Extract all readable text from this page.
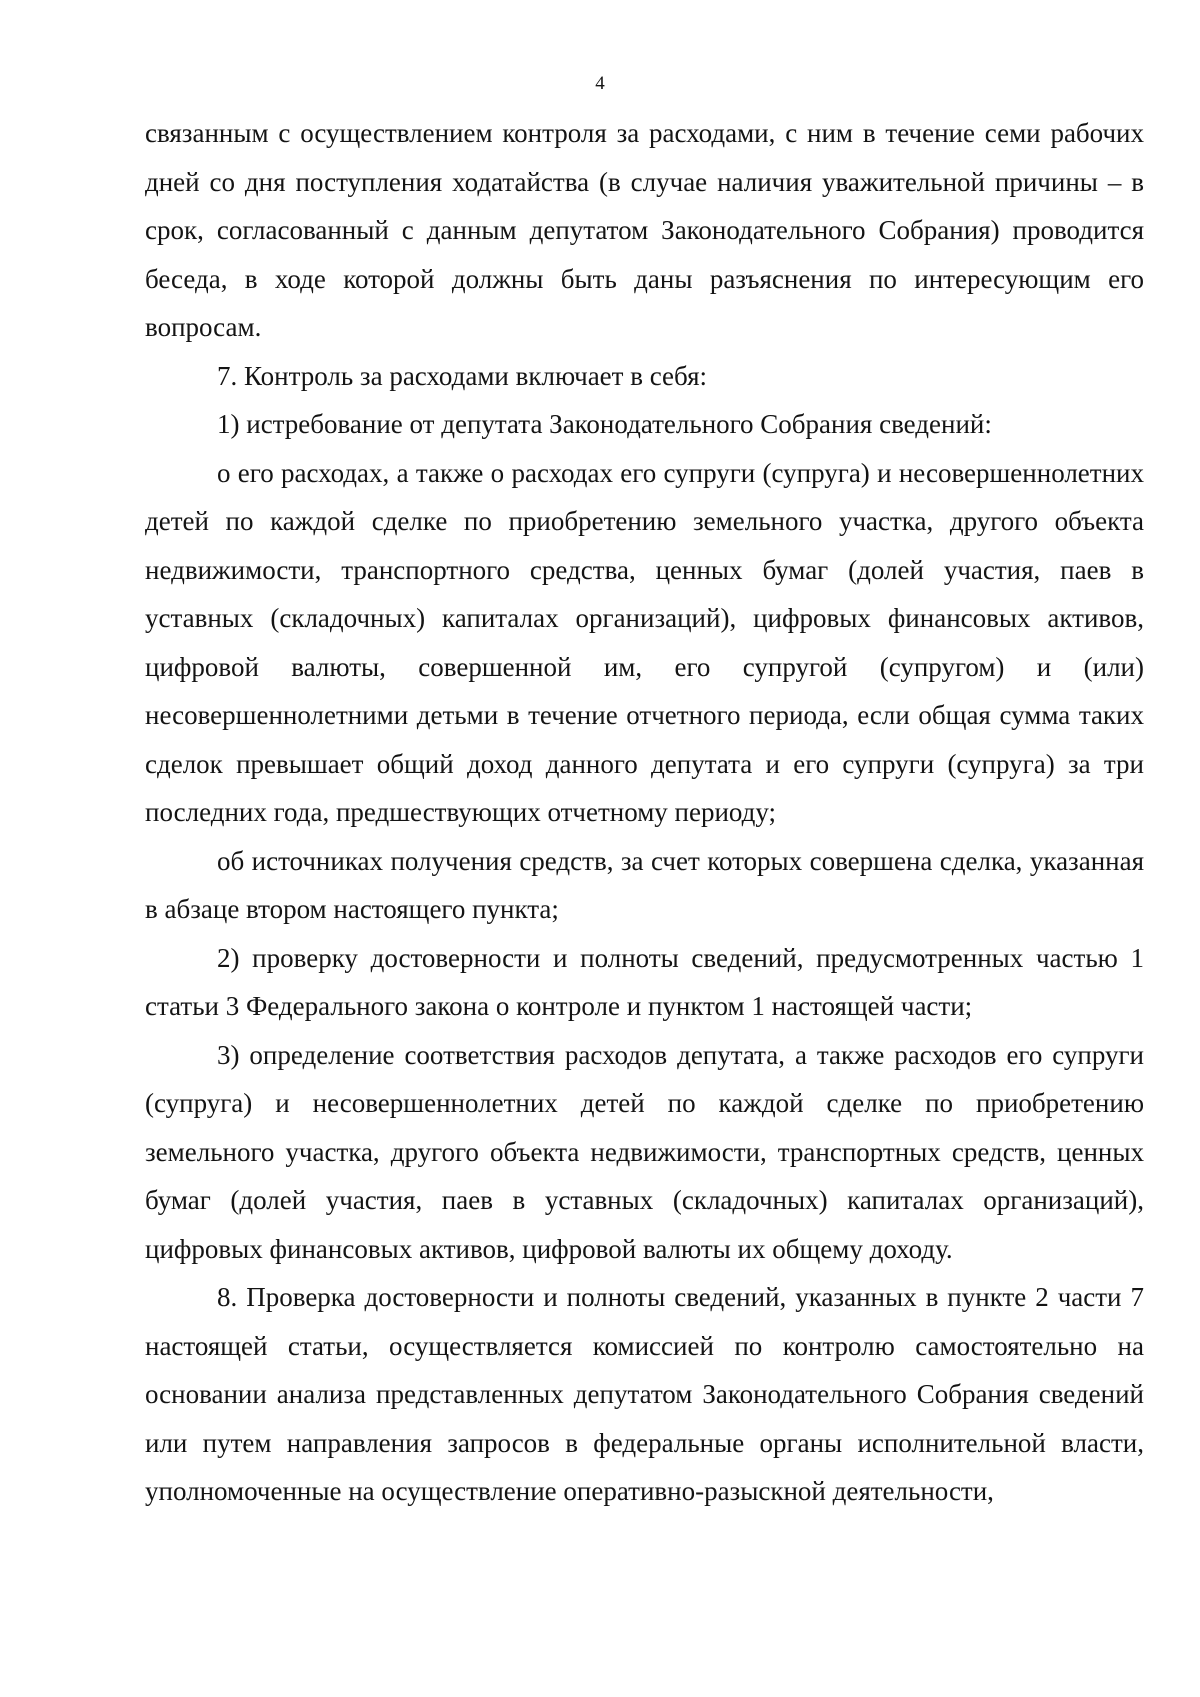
4

связанным с осуществлением контроля за расходами, с ним в течение семи рабочих дней со дня поступления ходатайства (в случае наличия уважительной причины – в срок, согласованный с данным депутатом Законодательного Собрания) проводится беседа, в ходе которой должны быть даны разъяснения по интересующим его вопросам.

7. Контроль за расходами включает в себя:

1) истребование от депутата Законодательного Собрания сведений:

о его расходах, а также о расходах его супруги (супруга) и несовершеннолетних детей по каждой сделке по приобретению земельного участка, другого объекта недвижимости, транспортного средства, ценных бумаг (долей участия, паев в уставных (складочных) капиталах организаций), цифровых финансовых активов, цифровой валюты, совершенной им, его супругой (супругом) и (или) несовершеннолетними детьми в течение отчетного периода, если общая сумма таких сделок превышает общий доход данного депутата и его супруги (супруга) за три последних года, предшествующих отчетному периоду;

об источниках получения средств, за счет которых совершена сделка, указанная в абзаце втором настоящего пункта;

2) проверку достоверности и полноты сведений, предусмотренных частью 1 статьи 3 Федерального закона о контроле и пунктом 1 настоящей части;

3) определение соответствия расходов депутата, а также расходов его супруги (супруга) и несовершеннолетних детей по каждой сделке по приобретению земельного участка, другого объекта недвижимости, транспортных средств, ценных бумаг (долей участия, паев в уставных (складочных) капиталах организаций), цифровых финансовых активов, цифровой валюты их общему доходу.

8. Проверка достоверности и полноты сведений, указанных в пункте 2 части 7 настоящей статьи, осуществляется комиссией по контролю самостоятельно на основании анализа представленных депутатом Законодательного Собрания сведений или путем направления запросов в федеральные органы исполнительной власти, уполномоченные на осуществление оперативно-разыскной деятельности,
